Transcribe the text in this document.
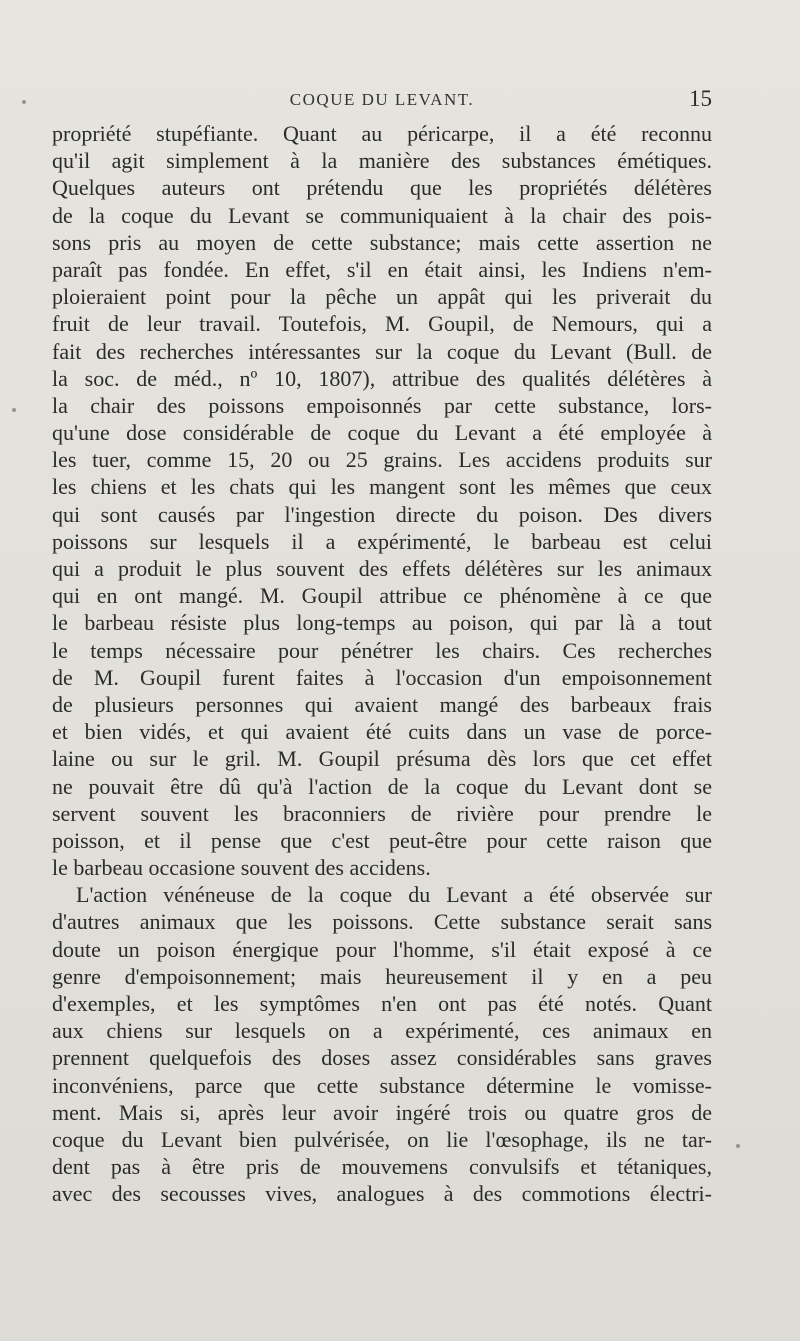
COQUE DU LEVANT.	15
propriété stupéfiante. Quant au péricarpe, il a été reconnu
qu'il agit simplement à la manière des substances émétiques.
Quelques auteurs ont prétendu que les propriétés délétères
de la coque du Levant se communiquaient à la chair des pois-
sons pris au moyen de cette substance; mais cette assertion ne
paraît pas fondée. En effet, s'il en était ainsi, les Indiens n'em-
ploieraient point pour la pêche un appât qui les priverait du
fruit de leur travail. Toutefois, M. Goupil, de Nemours, qui a
fait des recherches intéressantes sur la coque du Levant (Bull. de
la soc. de méd., nº 10, 1807), attribue des qualités délétères à
la chair des poissons empoisonnés par cette substance, lors-
qu'une dose considérable de coque du Levant a été employée à
les tuer, comme 15, 20 ou 25 grains. Les accidens produits sur
les chiens et les chats qui les mangent sont les mêmes que ceux
qui sont causés par l'ingestion directe du poison. Des divers
poissons sur lesquels il a expérimenté, le barbeau est celui
qui a produit le plus souvent des effets délétères sur les animaux
qui en ont mangé. M. Goupil attribue ce phénomène à ce que
le barbeau résiste plus long-temps au poison, qui par là a tout
le temps nécessaire pour pénétrer les chairs. Ces recherches
de M. Goupil furent faites à l'occasion d'un empoisonnement
de plusieurs personnes qui avaient mangé des barbeaux frais
et bien vidés, et qui avaient été cuits dans un vase de porce-
laine ou sur le gril. M. Goupil présuma dès lors que cet effet
ne pouvait être dû qu'à l'action de la coque du Levant dont se
servent souvent les braconniers de rivière pour prendre le
poisson, et il pense que c'est peut-être pour cette raison que
le barbeau occasione souvent des accidens.
L'action vénéneuse de la coque du Levant a été observée sur
d'autres animaux que les poissons. Cette substance serait sans
doute un poison énergique pour l'homme, s'il était exposé à ce
genre d'empoisonnement; mais heureusement il y en a peu
d'exemples, et les symptômes n'en ont pas été notés. Quant
aux chiens sur lesquels on a expérimenté, ces animaux en
prennent quelquefois des doses assez considérables sans graves
inconvéniens, parce que cette substance détermine le vomisse-
ment. Mais si, après leur avoir ingéré trois ou quatre gros de
coque du Levant bien pulvérisée, on lie l'œsophage, ils ne tar-
dent pas à être pris de mouvemens convulsifs et tétaniques,
avec des secousses vives, analogues à des commotions électri-
